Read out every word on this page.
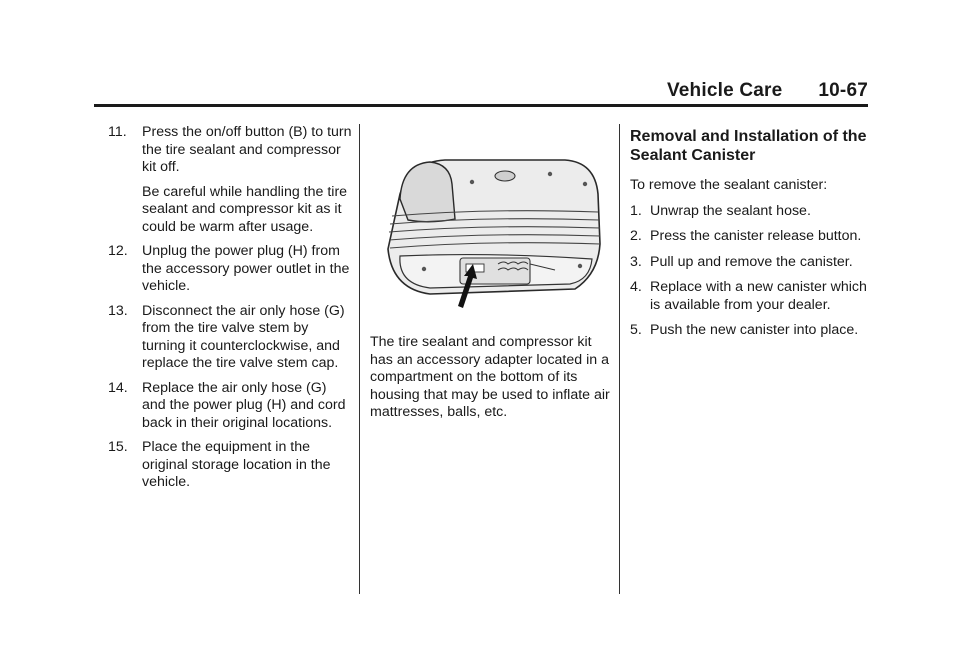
Vehicle Care 10-67
11. Press the on/off button (B) to turn the tire sealant and compressor kit off.
Be careful while handling the tire sealant and compressor kit as it could be warm after usage.
12. Unplug the power plug (H) from the accessory power outlet in the vehicle.
13. Disconnect the air only hose (G) from the tire valve stem by turning it counterclockwise, and replace the tire valve stem cap.
14. Replace the air only hose (G) and the power plug (H) and cord back in their original locations.
15. Place the equipment in the original storage location in the vehicle.

The tire sealant and compressor kit has an accessory adapter located in a compartment on the bottom of its housing that may be used to inflate air mattresses, balls, etc.

Removal and Installation of the Sealant Canister

To remove the sealant canister:

1. Unwrap the sealant hose.
2. Press the canister release button.
3. Pull up and remove the canister.
4. Replace with a new canister which is available from your dealer.
5. Push the new canister into place.
